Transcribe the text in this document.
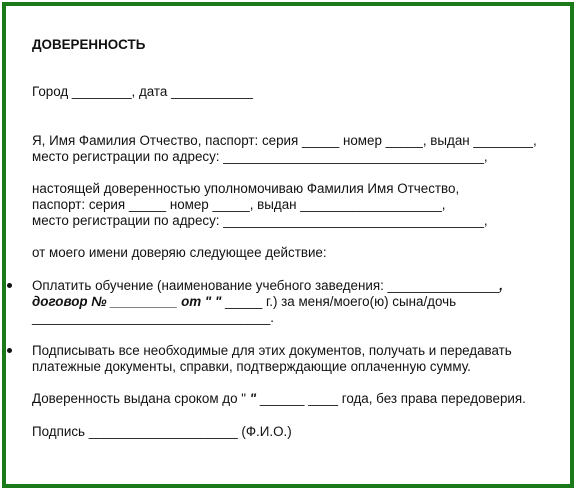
ДОВЕРЕННОСТЬ
Город ________, дата ___________
Я, Имя Фамилия Отчество, паспорт: серия _____ номер _____, выдан ________,
место регистрации по адресу: ___________________________________,
настоящей доверенностью уполномочиваю Фамилия Имя Отчество,
паспорт: серия _____ номер _____, выдан ___________________,
место регистрации по адресу: ___________________________________,
от моего имени доверяю следующее действие:
Оплатить обучение (наименование учебного заведения: _______________,
договор № _________ от " " _____ г.) за меня/моего(ю) сына/дочь
________________________________.
Подписывать все необходимые для этих документов, получать и передавать
платежные документы, справки, подтверждающие оплаченную сумму.
Доверенность выдана сроком до " " ______ ____ года, без права передоверия.
Подпись ____________________ (Ф.И.О.)
